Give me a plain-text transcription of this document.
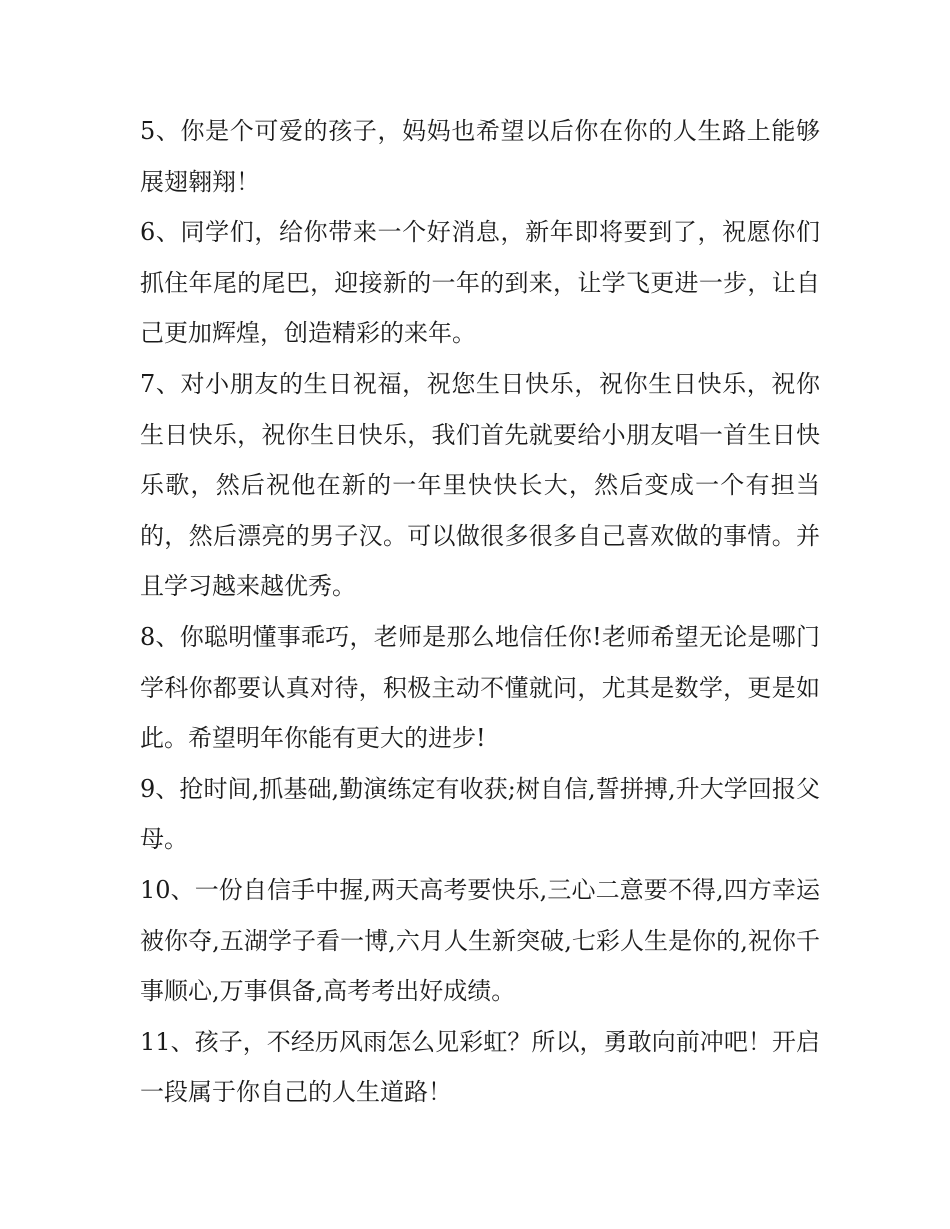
5、你是个可爱的孩子，妈妈也希望以后你在你的人生路上能够展翅翱翔！

6、同学们，给你带来一个好消息，新年即将要到了，祝愿你们抓住年尾的尾巴，迎接新的一年的到来，让学飞更进一步，让自己更加辉煌，创造精彩的来年。

7、对小朋友的生日祝福，祝您生日快乐，祝你生日快乐，祝你生日快乐，祝你生日快乐，我们首先就要给小朋友唱一首生日快乐歌，然后祝他在新的一年里快快长大，然后变成一个有担当的，然后漂亮的男子汉。可以做很多很多自己喜欢做的事情。并且学习越来越优秀。

8、你聪明懂事乖巧，老师是那么地信任你!老师希望无论是哪门学科你都要认真对待，积极主动不懂就问，尤其是数学，更是如此。希望明年你能有更大的进步!

9、抢时间,抓基础,勤演练定有收获;树自信,誓拼搏,升大学回报父母。

10、一份自信手中握,两天高考要快乐,三心二意要不得,四方幸运被你夺,五湖学子看一博,六月人生新突破,七彩人生是你的,祝你千事顺心,万事俱备,高考考出好成绩。

11、孩子，不经历风雨怎么见彩虹？所以，勇敢向前冲吧！开启一段属于你自己的人生道路！
